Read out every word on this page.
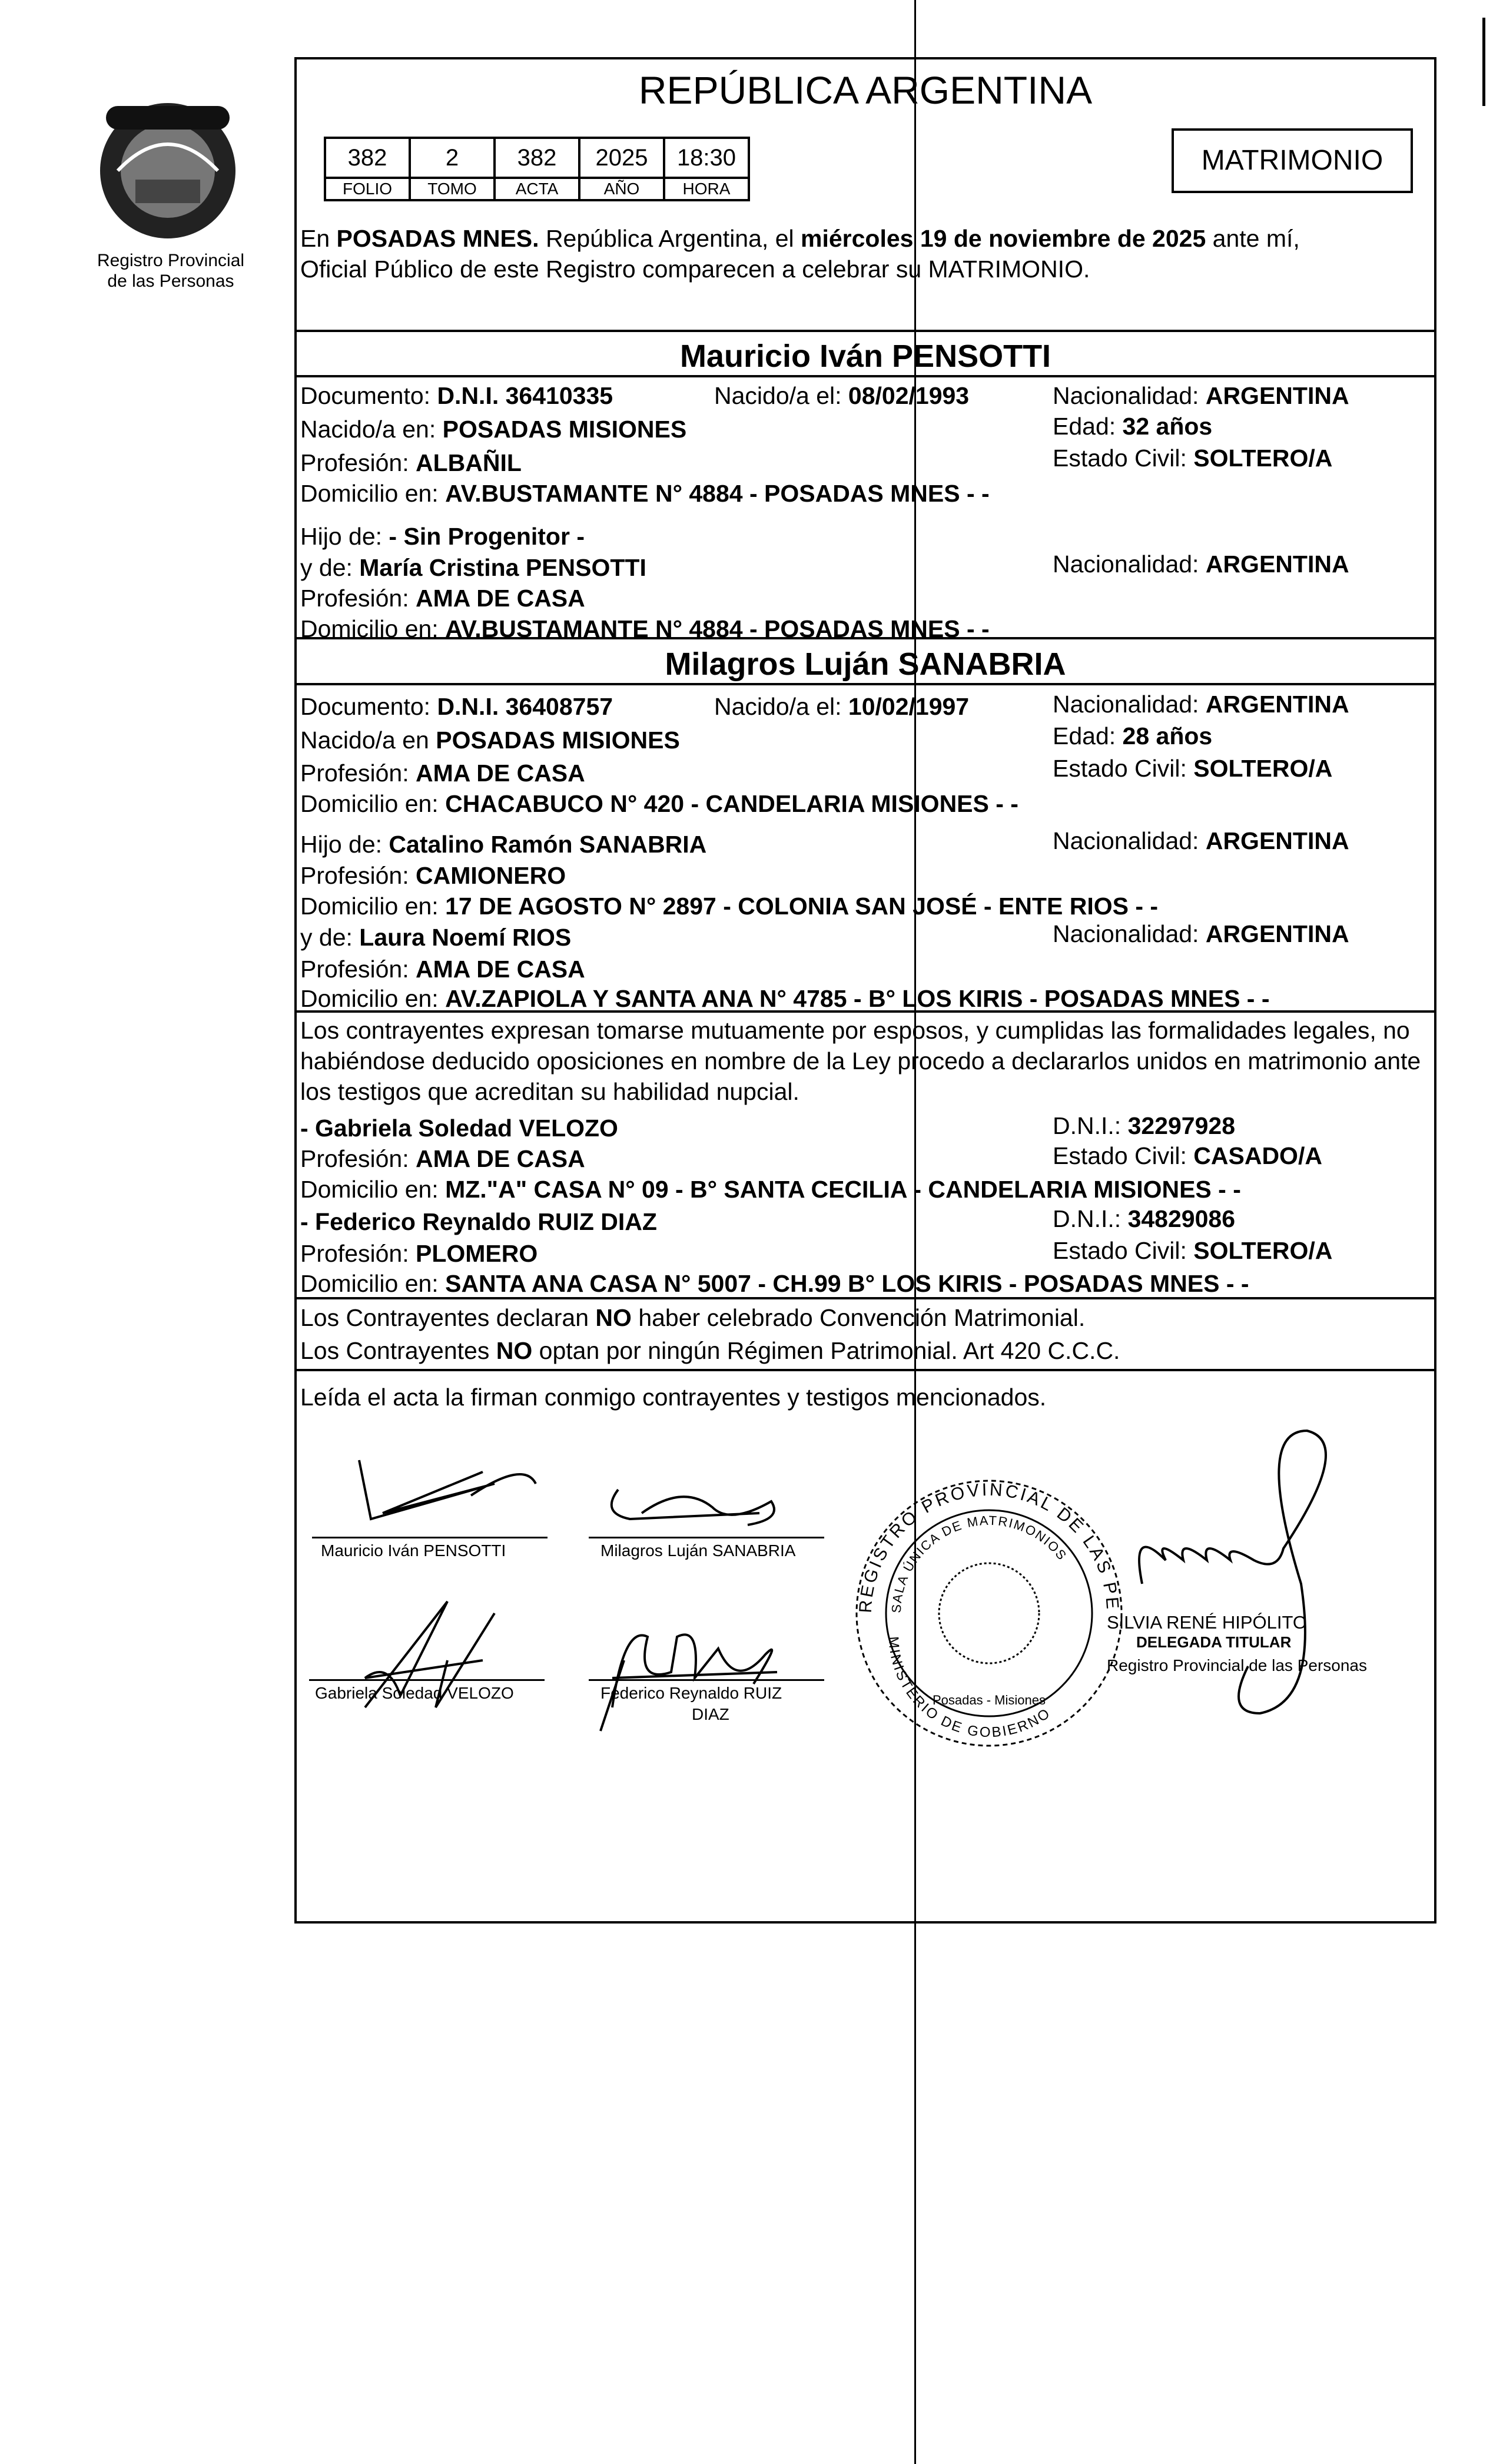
Registro Provincial
de las Personas
REPÚBLICA ARGENTINA
382	2	382	2025	18:30
FOLIO	TOMO	ACTA	AÑO	HORA
MATRIMONIO
En POSADAS MNES. República Argentina, el miércoles 19 de noviembre de 2025 ante mí,
Oficial Público de este Registro comparecen a celebrar su MATRIMONIO.
Mauricio Iván PENSOTTI
Documento: D.N.I. 36410335	Nacido/a el: 08/02/1993	Nacionalidad: ARGENTINA
Nacido/a en: POSADAS MISIONES	Edad: 32 años
Profesión: ALBAÑIL	Estado Civil: SOLTERO/A
Domicilio en: AV.BUSTAMANTE N° 4884 - POSADAS MNES - -
Hijo de: - Sin Progenitor -
y de: María Cristina PENSOTTI	Nacionalidad: ARGENTINA
Profesión: AMA DE CASA
Domicilio en: AV.BUSTAMANTE N° 4884 - POSADAS MNES - -
Milagros Luján SANABRIA
Documento: D.N.I. 36408757	Nacido/a el: 10/02/1997	Nacionalidad: ARGENTINA
Nacido/a en POSADAS MISIONES	Edad: 28 años
Profesión: AMA DE CASA	Estado Civil: SOLTERO/A
Domicilio en: CHACABUCO N° 420 - CANDELARIA MISIONES - -
Hijo de: Catalino Ramón SANABRIA	Nacionalidad: ARGENTINA
Profesión: CAMIONERO
Domicilio en: 17 DE AGOSTO N° 2897 - COLONIA SAN JOSÉ - ENTE RIOS - -
y de: Laura Noemí RIOS	Nacionalidad: ARGENTINA
Profesión: AMA DE CASA
Domicilio en: AV.ZAPIOLA Y SANTA ANA N° 4785 - B° LOS KIRIS - POSADAS MNES - -
Los contrayentes expresan tomarse mutuamente por esposos, y cumplidas las formalidades legales, no
habiéndose deducido oposiciones en nombre de la Ley procedo a declararlos unidos en matrimonio ante
los testigos que acreditan su habilidad nupcial.
- Gabriela Soledad VELOZO	D.N.I.: 32297928
Profesión: AMA DE CASA	Estado Civil: CASADO/A
Domicilio en: MZ."A" CASA N° 09 - B° SANTA CECILIA - CANDELARIA MISIONES - -
- Federico Reynaldo RUIZ DIAZ	D.N.I.: 34829086
Profesión: PLOMERO	Estado Civil: SOLTERO/A
Domicilio en: SANTA ANA CASA N° 5007 - CH.99 B° LOS KIRIS - POSADAS MNES - -
Los Contrayentes declaran NO haber celebrado Convención Matrimonial.
Los Contrayentes NO optan por ningún Régimen Patrimonial. Art 420 C.C.C.
Leída el acta la firman conmigo contrayentes y testigos mencionados.
Mauricio Iván PENSOTTI	Milagros Luján SANABRIA
Gabriela Soledad VELOZO	Federico Reynaldo RUIZ
DIAZ
REGISTRO PROVINCIAL DE LAS PE
SALA ÚNICA DE MATRIMONIOS
MINISTERIO DE GOBIERNO
Posadas - Misiones
SILVIA RENÉ HIPÓLITO
DELEGADA TITULAR
Registro Provincial de las Personas
